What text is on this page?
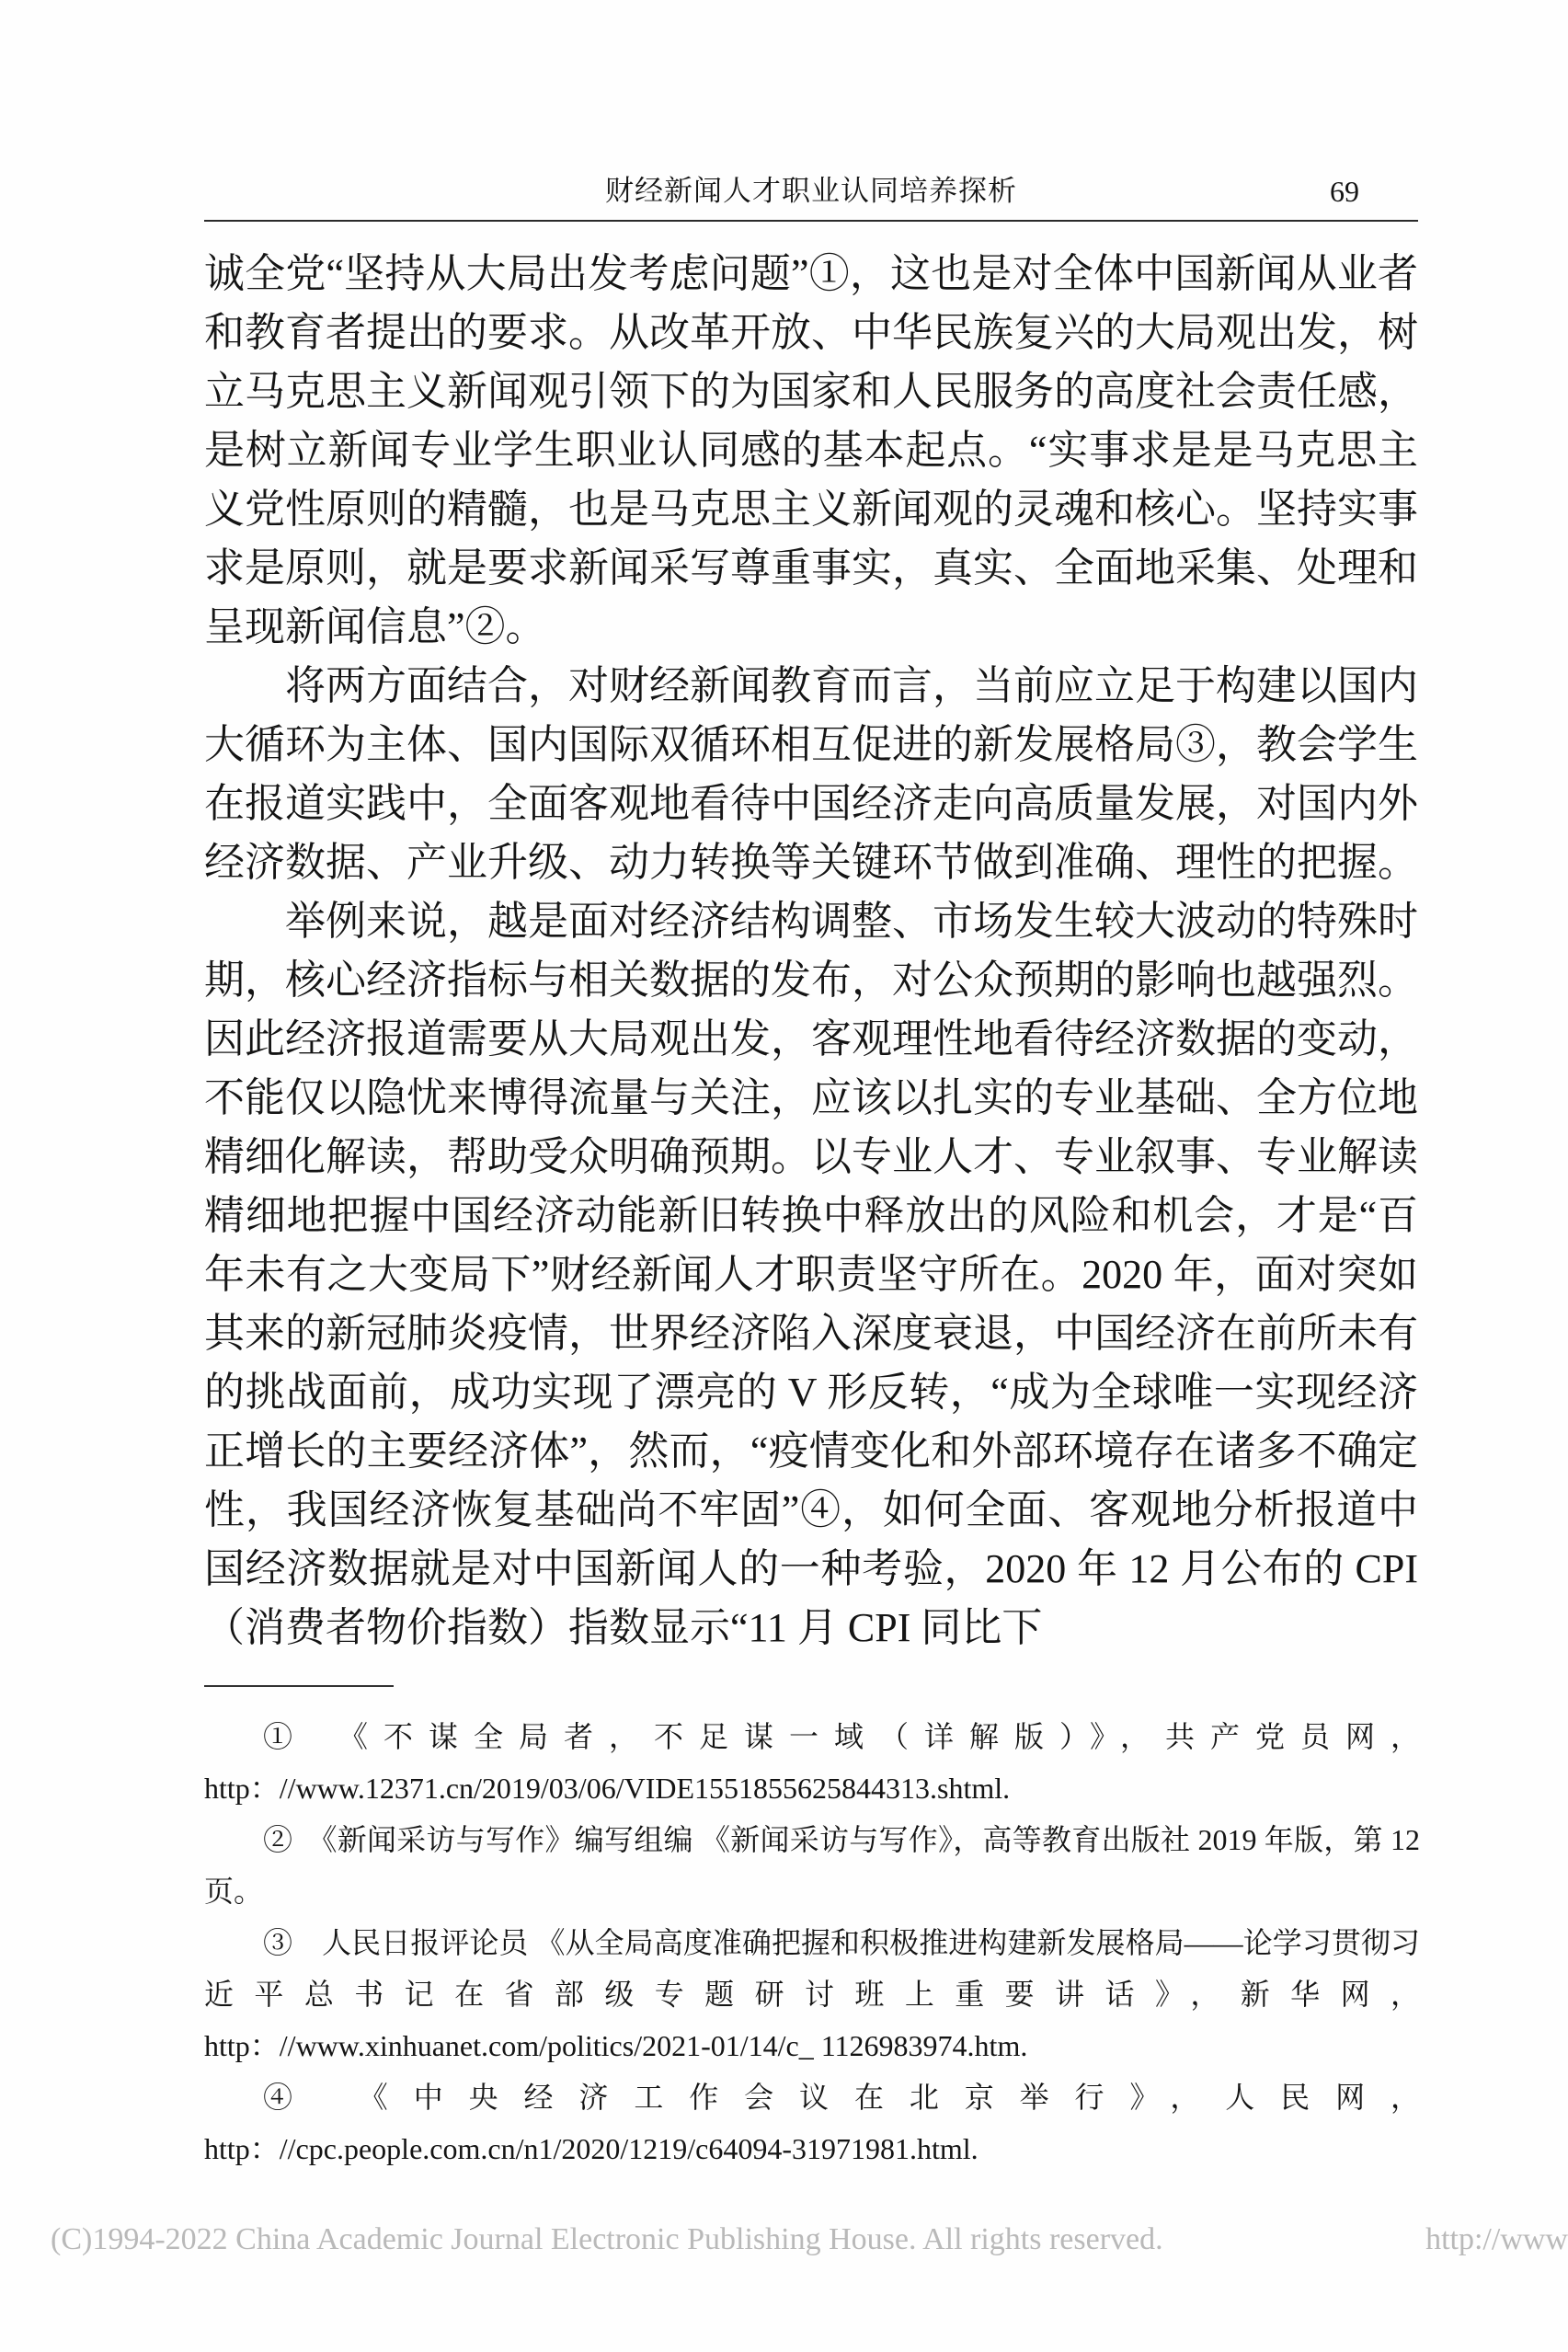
财经新闻人才职业认同培养探析	69

诚全党“坚持从大局出发考虑问题”①，这也是对全体中国新闻从业者和教育者提出的要求。从改革开放、中华民族复兴的大局观出发，树立马克思主义新闻观引领下的为国家和人民服务的高度社会责任感，是树立新闻专业学生职业认同感的基本起点。“实事求是是马克思主义党性原则的精髓，也是马克思主义新闻观的灵魂和核心。坚持实事求是原则，就是要求新闻采写尊重事实，真实、全面地采集、处理和呈现新闻信息”②。

将两方面结合，对财经新闻教育而言，当前应立足于构建以国内大循环为主体、国内国际双循环相互促进的新发展格局③，教会学生在报道实践中，全面客观地看待中国经济走向高质量发展，对国内外经济数据、产业升级、动力转换等关键环节做到准确、理性的把握。

举例来说，越是面对经济结构调整、市场发生较大波动的特殊时期，核心经济指标与相关数据的发布，对公众预期的影响也越强烈。因此经济报道需要从大局观出发，客观理性地看待经济数据的变动，不能仅以隐忧来博得流量与关注，应该以扎实的专业基础、全方位地精细化解读，帮助受众明确预期。以专业人才、专业叙事、专业解读精细地把握中国经济动能新旧转换中释放出的风险和机会，才是“百年未有之大变局下”财经新闻人才职责坚守所在。2020 年，面对突如其来的新冠肺炎疫情，世界经济陷入深度衰退，中国经济在前所未有的挑战面前，成功实现了漂亮的 V 形反转，“成为全球唯一实现经济正增长的主要经济体”，然而，“疫情变化和外部环境存在诸多不确定性，我国经济恢复基础尚不牢固”④，如何全面、客观地分析报道中国经济数据就是对中国新闻人的一种考验，2020 年 12 月公布的 CPI（消费者物价指数）指数显示“11 月 CPI 同比下

①　《不谋全局者，不足谋一域（详解版）》，共产党员网，http：//www.12371.cn/2019/03/06/VIDE1551855625844313.shtml.

②　《新闻采访与写作》编写组编 《新闻采访与写作》，高等教育出版社 2019 年版，第 12 页。

③　人民日报评论员 《从全局高度准确把握和积极推进构建新发展格局——论学习贯彻习近平总书记在省部级专题研讨班上重要讲话》，新华网，http：//www.xinhuanet.com/politics/2021-01/14/c_ 1126983974.htm.

④　《中央经济工作会议在北京举行》，人民网，http：//cpc.people.com.cn/n1/2020/1219/c64094-31971981.html.

(C)1994-2022 China Academic Journal Electronic Publishing House. All rights reserved.	http://www
